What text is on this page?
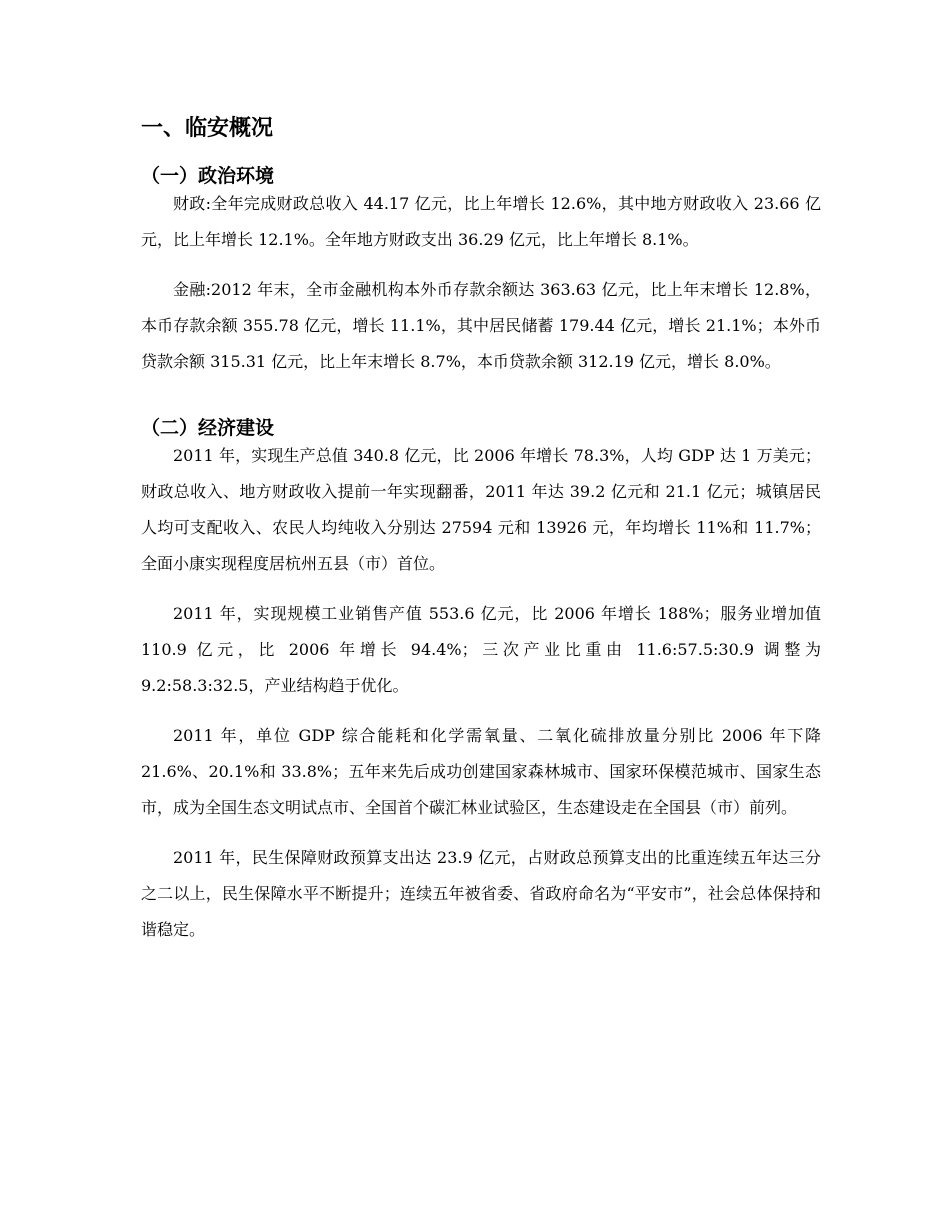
一、临安概况
（一）政治环境

财政:全年完成财政总收入 44.17 亿元，比上年增长 12.6%，其中地方财政收入 23.66 亿元，比上年增长 12.1%。全年地方财政支出 36.29 亿元，比上年增长 8.1%。

金融:2012 年末，全市金融机构本外币存款余额达 363.63 亿元，比上年末增长 12.8%，本币存款余额 355.78 亿元，增长 11.1%，其中居民储蓄 179.44 亿元，增长 21.1%；本外币贷款余额 315.31 亿元，比上年末增长 8.7%，本币贷款余额 312.19 亿元，增长 8.0%。

（二）经济建设

2011 年，实现生产总值 340.8 亿元，比 2006 年增长 78.3%，人均 GDP 达 1 万美元；财政总收入、地方财政收入提前一年实现翻番，2011 年达 39.2 亿元和 21.1 亿元；城镇居民人均可支配收入、农民人均纯收入分别达 27594 元和 13926 元，年均增长 11%和 11.7%；全面小康实现程度居杭州五县（市）首位。

2011 年，实现规模工业销售产值 553.6 亿元，比 2006 年增长 188%；服务业增加值 110.9 亿元，比 2006 年增长 94.4%；三次产业比重由 11.6:57.5:30.9 调整为 9.2:58.3:32.5，产业结构趋于优化。

2011 年，单位 GDP 综合能耗和化学需氧量、二氧化硫排放量分别比 2006 年下降 21.6%、20.1%和 33.8%；五年来先后成功创建国家森林城市、国家环保模范城市、国家生态市，成为全国生态文明试点市、全国首个碳汇林业试验区，生态建设走在全国县（市）前列。

2011 年，民生保障财政预算支出达 23.9 亿元，占财政总预算支出的比重连续五年达三分之二以上，民生保障水平不断提升；连续五年被省委、省政府命名为“平安市”，社会总体保持和谐稳定。
